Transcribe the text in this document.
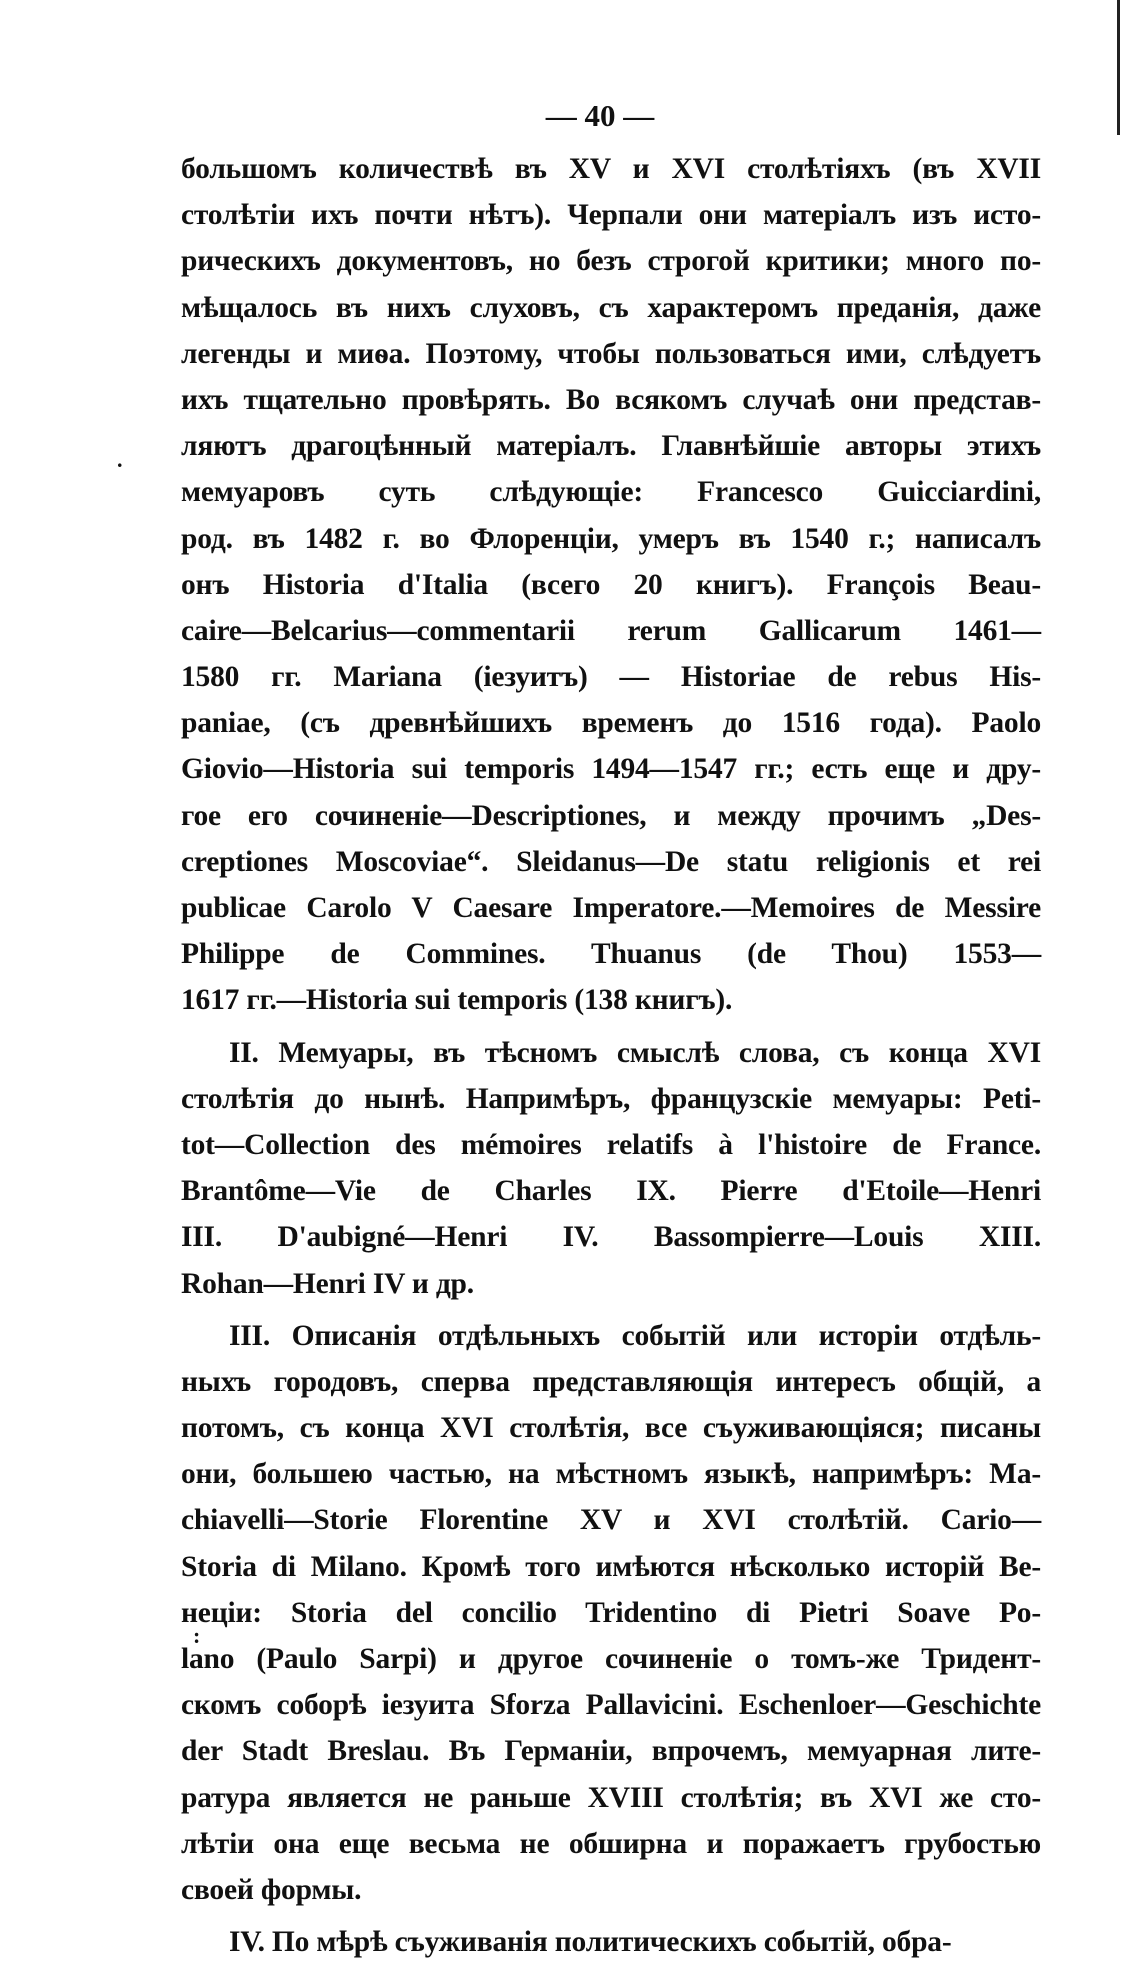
— 40 —
.
:
большомъ количествѣ въ XV и XVI столѣтіяхъ (въ XVII
столѣтіи ихъ почти нѣтъ). Черпали они матеріалъ изъ исто-
рическихъ документовъ, но безъ строгой критики; много по-
мѣщалось въ нихъ слуховъ, съ характеромъ преданія, даже
легенды и миѳа. Поэтому, чтобы пользоваться ими, слѣдуетъ
ихъ тщательно провѣрять. Во всякомъ случаѣ они представ-
ляютъ драгоцѣнный матеріалъ. Главнѣйшіе авторы этихъ
мемуаровъ суть слѣдующіе: Francesco Guicciardini,
род. въ 1482 г. во Флоренціи, умеръ въ 1540 г.; написалъ
онъ Historia d'Italia (всего 20 книгъ). François Beau-
caire—Belcarius—commentarii rerum Gallicarum 1461—
1580 гг. Mariana (іезуитъ) — Historiae de rebus His-
paniae, (съ древнѣйшихъ временъ до 1516 года). Paolo
Giovio—Historia sui temporis 1494—1547 гг.; есть еще и дру-
гое его сочиненіе—Descriptiones, и между прочимъ „Des-
creptiones Moscoviae“. Sleidanus—De statu religionis et rei
publicae Carolo V Caesare Imperatore.—Memoires de Messire
Philippe de Commines. Thuanus (de Thou) 1553—
1617 гг.—Historia sui temporis (138 книгъ).
II. Мемуары, въ тѣсномъ смыслѣ слова, съ конца XVI
столѣтія до нынѣ. Напримѣръ, французскіе мемуары: Peti-
tot—Collection des mémoires relatifs à l'histoire de France.
Brantôme—Vie de Charles IX. Pierre d'Etoile—Henri
III. D'aubigné—Henri IV. Bassompierre—Louis XIII.
Rohan—Henri IV и др.
III. Описанія отдѣльныхъ событій или исторіи отдѣль-
ныхъ городовъ, сперва представляющія интересъ общій, а
потомъ, съ конца XVI столѣтія, все съуживающіяся; писаны
они, большею частью, на мѣстномъ языкѣ, напримѣръ: Ma-
chiavelli—Storie Florentine XV и XVI столѣтій. Cario—
Storia di Milano. Кромѣ того имѣются нѣсколько исторій Ве-
неціи: Storia del concilio Tridentino di Pietri Soave Po-
lano (Paulo Sarpi) и другое сочиненіе о томъ-же Тридент-
скомъ соборѣ іезуита Sforza Pallavicini. Eschenloer—Geschichte
der Stadt Breslau. Въ Германіи, впрочемъ, мемуарная лите-
ратура является не раньше XVIII столѣтія; въ XVI же сто-
лѣтіи она еще весьма не обширна и поражаетъ грубостью
своей формы.
IV. По мѣрѣ съуживанія политическихъ событій, обра-
